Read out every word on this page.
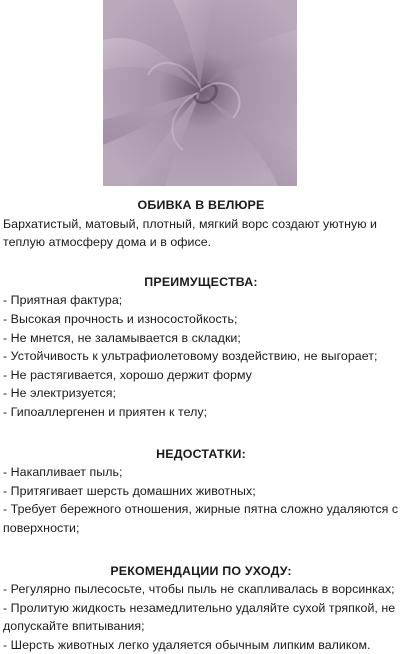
ОБИВКА В ВЕЛЮРЕ

Бархатистый, матовый, плотный, мягкий ворс создают уютную и теплую атмосферу дома и в офисе.

ПРЕИМУЩЕСТВА:
- Приятная фактура;
- Высокая прочность и износостойкость;
- Не мнется, не заламывается в складки;
- Устойчивость к ультрафиолетовому воздействию, не выгорает;
- Не растягивается, хорошо держит форму
- Не электризуется;
- Гипоаллергенен и приятен к телу;
НЕДОСТАТКИ:
- Накапливает пыль;
- Притягивает шерсть домашних животных;
- Требует бережного отношения, жирные пятна сложно удаляются с поверхности;
РЕКОМЕНДАЦИИ ПО УХОДУ:
- Регулярно пылесосьте, чтобы пыль не скапливалась в ворсинках;
- Пролитую жидкость незамедлительно удаляйте сухой тряпкой, не допускайте впитывания;
- Шерсть животных легко удаляется обычным липким валиком.
